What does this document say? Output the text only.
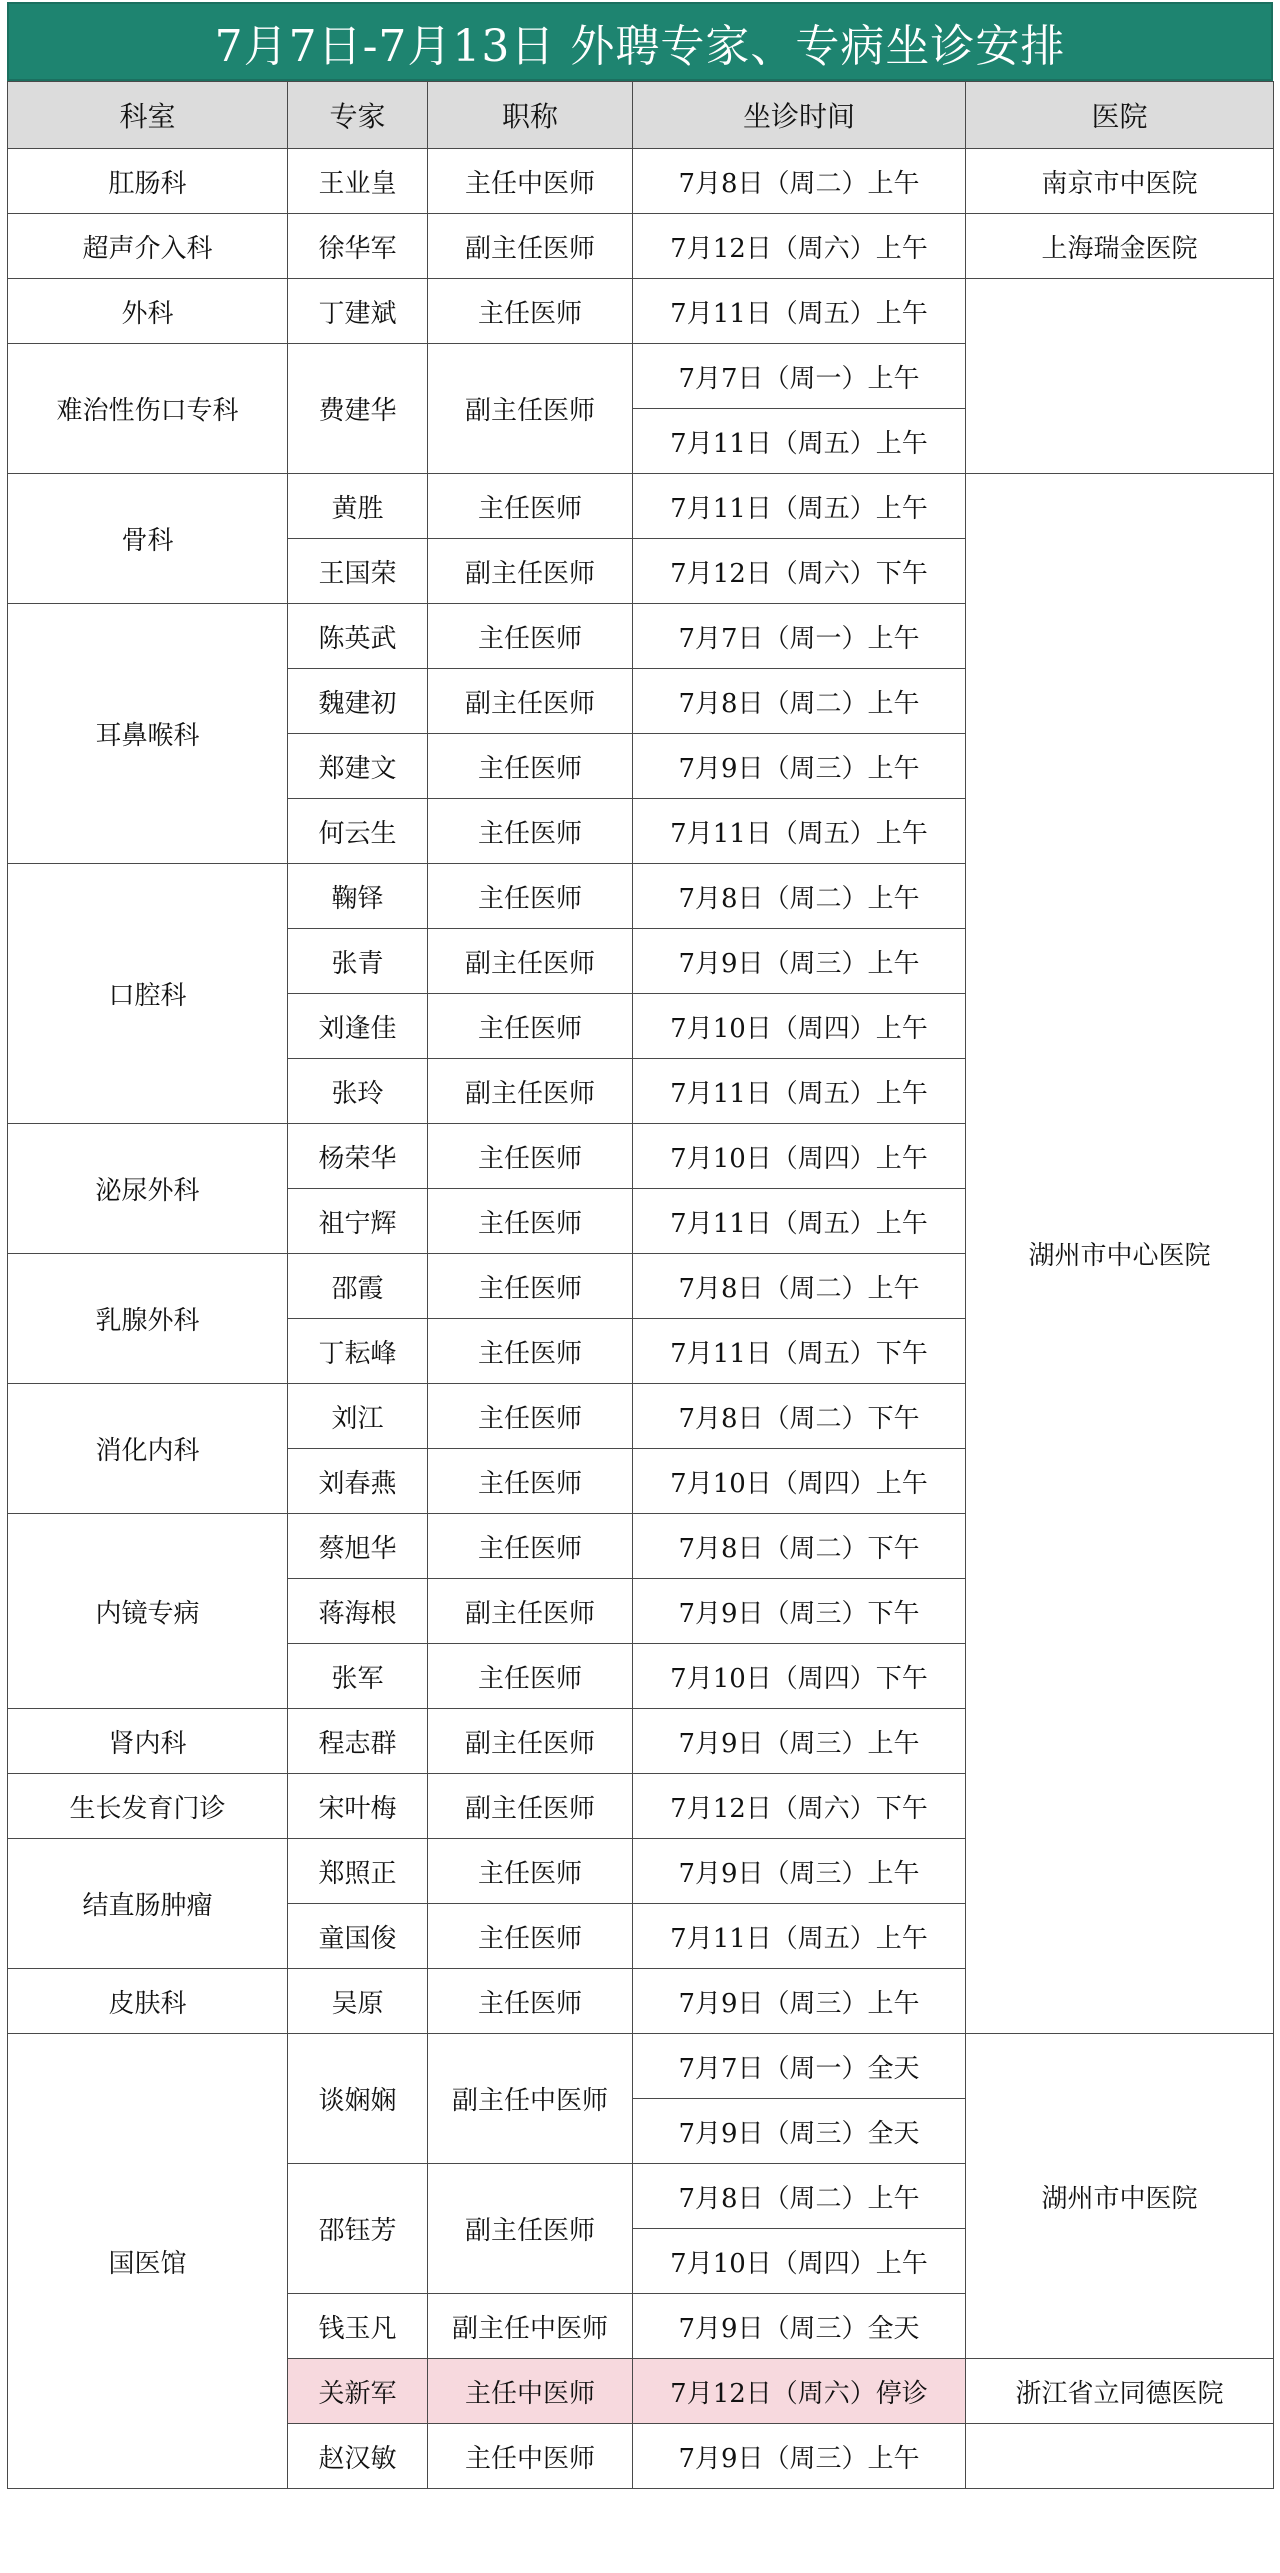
7月7日-7月13日 外聘专家、专病坐诊安排
科室	专家	职称	坐诊时间	医院
肛肠科	王业皇	主任中医师	7月8日（周二）上午	南京市中医院
超声介入科	徐华军	副主任医师	7月12日（周六）上午	上海瑞金医院
外科	丁建斌	主任医师	7月11日（周五）上午	
难治性伤口专科	费建华	副主任医师	7月7日（周一）上午	
			7月11日（周五）上午	
骨科	黄胜	主任医师	7月11日（周五）上午	湖州市中心医院
	王国荣	副主任医师	7月12日（周六）下午	
耳鼻喉科	陈英武	主任医师	7月7日（周一）上午	
	魏建初	副主任医师	7月8日（周二）上午	
	郑建文	主任医师	7月9日（周三）上午	
	何云生	主任医师	7月11日（周五）上午	
口腔科	鞠铎	主任医师	7月8日（周二）上午	
	张青	副主任医师	7月9日（周三）上午	
	刘逢佳	主任医师	7月10日（周四）上午	
	张玲	副主任医师	7月11日（周五）上午	
泌尿外科	杨荣华	主任医师	7月10日（周四）上午	
	祖宁辉	主任医师	7月11日（周五）上午	
乳腺外科	邵霞	主任医师	7月8日（周二）上午	
	丁耘峰	主任医师	7月11日（周五）下午	
消化内科	刘江	主任医师	7月8日（周二）下午	
	刘春燕	主任医师	7月10日（周四）上午	
内镜专病	蔡旭华	主任医师	7月8日（周二）下午	
	蒋海根	副主任医师	7月9日（周三）下午	
	张军	主任医师	7月10日（周四）下午	
肾内科	程志群	副主任医师	7月9日（周三）上午	
生长发育门诊	宋叶梅	副主任医师	7月12日（周六）下午	
结直肠肿瘤	郑照正	主任医师	7月9日（周三）上午	
	童国俊	主任医师	7月11日（周五）上午	
皮肤科	吴原	主任医师	7月9日（周三）上午	
国医馆	谈娴娴	副主任中医师	7月7日（周一）全天	湖州市中医院
			7月9日（周三）全天	
	邵钰芳	副主任医师	7月8日（周二）上午	
			7月10日（周四）上午	
	钱玉凡	副主任中医师	7月9日（周三）全天	
	关新军	主任中医师	7月12日（周六）停诊	浙江省立同德医院
	赵汉敏	主任中医师	7月9日（周三）上午	
